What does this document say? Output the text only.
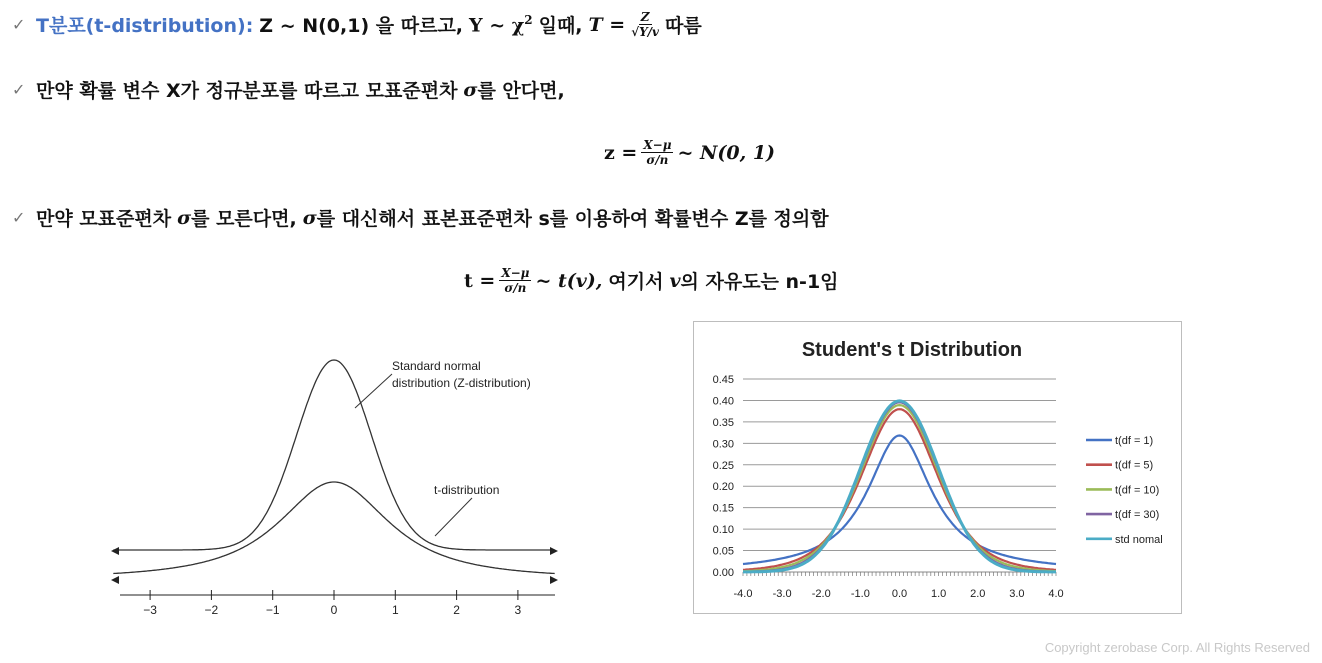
✓ T분포(t-distribution): Z ~ N(0,1) 을 따르고, Y ~ $\chi^2$ 일때, $T = \frac{Z}{√Y/v}$ 따름
✓ 만약 확률 변수 X가 정규분포를 따르고 모표준편차 σ 를 안다면,
$z = \frac{X-\mu}{\sigma/n}$ ~ N(0, 1)
✓ 만약 모표준편차 σ 를 모른다면, σ 를 대신해서 표본표준편차 s를 이용하여 확률변수 Z를 정의함
$t = \frac{X-\mu}{\sigma/n}$ ~ t(v), 여기서 v 의 자유도는 n-1임
−3	−2	−1	0	1	2	3
Standard normal
distribution (Z-distribution)
t-distribution
Student's t Distribution
0.00
0.05
0.10
0.15
0.20
0.25
0.30
0.35
0.40
0.45
-4.0 -3.0 -2.0 -1.0 0.0 1.0 2.0 3.0 4.0
t(df = 1)
t(df = 5)
t(df = 10)
t(df = 30)
std nomal
Copyright zerobase Corp. All Rights Reserved
